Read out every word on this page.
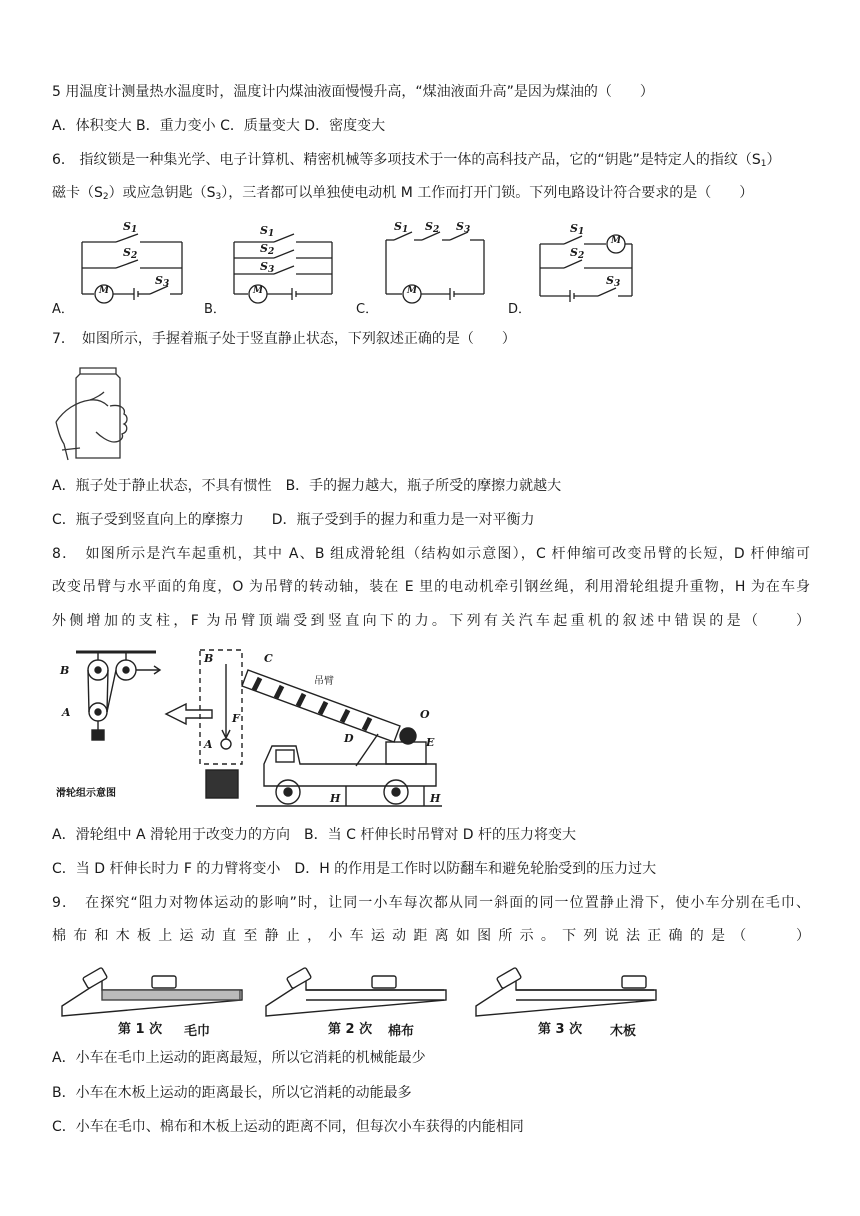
5 用温度计测量热水温度时，温度计内煤油液面慢慢升高，“煤油液面升高”是因为煤油的（　　）
A．体积变大 B．重力变小 C．质量变大 D．密度变大
6． 指纹锁是一种集光学、电子计算机、精密机械等多项技术于一体的高科技产品，它的“钥匙”是特定人的指纹$(S_1)$
磁卡$(S_2)$或应急钥匙$(S_3)$，三者都可以单独使电动机 M 工作而打开门锁。下列电路设计符合要求的是（　　）
A．
$S_1$
$S_2$
M
$S_3$
B．
$S_1$
$S_2$
$S_3$
M
C．
$S_1$ $S_2$ $S_3$
M
D．
$S_1$
$S_2$
M
$S_3$
7．　如图所示，手握着瓶子处于竖直静止状态，下列叙述正确的是（　　）
A．瓶子处于静止状态，不具有惯性　B．手的握力越大，瓶子所受的摩擦力就越大
C．瓶子受到竖直向上的摩擦力　　D．瓶子受到手的握力和重力是一对平衡力
8．　如图所示是汽车起重机，其中 A、B 组成滑轮组（结构如示意图），C 杆伸缩可改变吊臂的长短，D 杆伸缩可
改变吊臂与水平面的角度，O 为吊臂的转动轴，装在 E 里的电动机牵引钢丝绳，利用滑轮组提升重物，H 为在车身
外侧增加的支柱，F 为吊臂顶端受到竖直向下的力。下列有关汽车起重机的叙述中错误的是（　　）
B
A
B
A
F
C
吊臂
O
E
D
H	H
滑轮组示意图
A．滑轮组中 A 滑轮用于改变力的方向　B．当 C 杆伸长时吊臂对 D 杆的压力将变大
C．当 D 杆伸长时力 F 的力臂将变小　D．H 的作用是工作时以防翻车和避免轮胎受到的压力过大
9．　在探究“阻力对物体运动的影响”时，让同一小车每次都从同一斜面的同一位置静止滑下，使小车分别在毛巾、
棉布和木板上运动直至静止，小车运动距离如图所示。下列说法正确的是（　　）
第 1 次 毛巾	第 2 次 棉布	第 3 次 木板
A．小车在毛巾上运动的距离最短，所以它消耗的机械能最少
B．小车在木板上运动的距离最长，所以它消耗的动能最多
C．小车在毛巾、棉布和木板上运动的距离不同，但每次小车获得的内能相同
